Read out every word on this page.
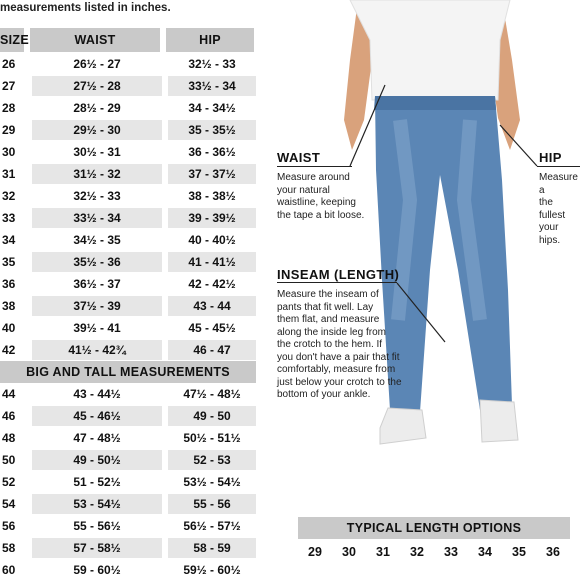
measurements listed in inches.
SIZE	WAIST	HIP
26	26½ - 27	32½ - 33
27	27½ - 28	33½ - 34
28	28½ - 29	34 - 34½
29	29½ - 30	35 - 35½
30	30½ - 31	36 - 36½
31	31½ - 32	37 - 37½
32	32½ - 33	38 - 38½
33	33½ - 34	39 - 39½
34	34½ - 35	40 - 40½
35	35½ - 36	41 - 41½
36	36½ - 37	42 - 42½
38	37½ - 39	43 - 44
40	39½ - 41	45 - 45½
42	41½ - 42¾	46 - 47
BIG AND TALL MEASUREMENTS
44	43 - 44½	47½ - 48½
46	45 - 46½	49 - 50
48	47 - 48½	50½ - 51½
50	49 - 50½	52 - 53
52	51 - 52½	53½ - 54½
54	53 - 54½	55 - 56
56	55 - 56½	56½ - 57½
58	57 - 58½	58 - 59
60	59 - 60½	59½ - 60½
WAIST
Measure around
your natural
waistline, keeping
the tape a bit loose.
HIP
Measure a
the fullest
your hips.
INSEAM (LENGTH)
Measure the inseam of
pants that fit well. Lay
them flat, and measure
along the inside leg from
the crotch to the hem. If
you don't have a pair that fit
comfortably, measure from
just below your crotch to the
bottom of your ankle.
TYPICAL LENGTH OPTIONS
29 30 31 32 33 34 35 36
